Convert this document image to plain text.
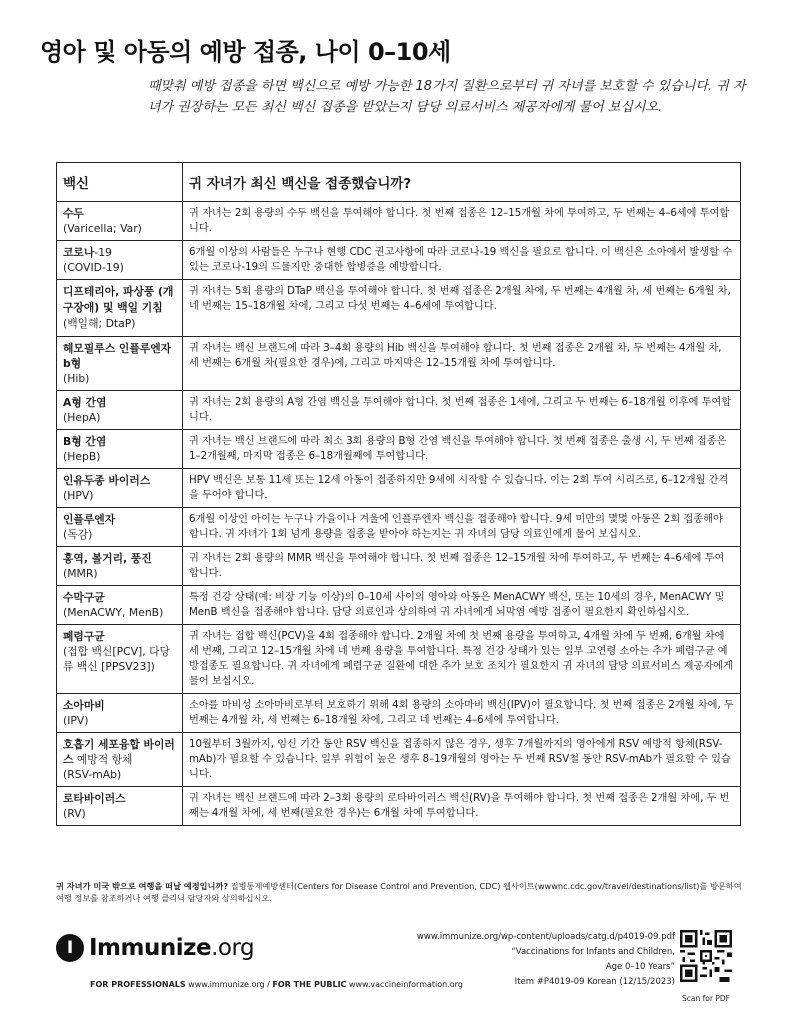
영아 및 아동의 예방 접종, 나이 0–10세
때맞춰 예방 접종을 하면 백신으로 예방 가능한 18가지 질환으로부터 귀 자녀를 보호할 수 있습니다. 귀 자녀가 권장하는 모든 최신 백신 접종을 받았는지 담당 의료서비스 제공자에게 물어 보십시오.
백신	귀 자녀가 최신 백신을 접종했습니까?

수두
(Varicella; Var)	귀 자녀는 2회 용량의 수두 백신을 투여해야 합니다. 첫 번째 접종은 12–15개월 차에 투여하고, 두 번째는 4–6세에 투여합니다.

코로나-19
(COVID-19)	6개월 이상의 사람들은 누구나 현행 CDC 권고사항에 따라 코로나-19 백신을 필요로 합니다. 이 백신은 소아에서 발생할 수 있는 코로나-19의 드물지만 중대한 합병증을 예방합니다.
디프테리아, 파상풍 (개구장애) 및 백일 기침(백일해; DtaP)	귀 자녀는 5회 용량의 DTaP 백신을 투여해야 합니다. 첫 번째 접종은 2개월 차에, 두 번째는 4개월 차, 세 번째는 6개월 차, 네 번째는 15–18개월 차에, 그리고 다섯 번째는 4–6세에 투여합니다.

헤모필루스 인플루엔자 b형
(Hib)	귀 자녀는 백신 브랜드에 따라 3–4회 용량의 Hib 백신을 투여해야 합니다. 첫 번째 접종은 2개월 차, 두 번째는 4개월 차, 세 번째는 6개월 차(필요한 경우)에, 그리고 마지막은 12–15개월 차에 투여합니다.

A형 간염
(HepA)	귀 자녀는 2회 용량의 A형 간염 백신을 투여해야 합니다. 첫 번째 접종은 1세에, 그리고 두 번째는 6–18개월 이후에 투여합니다.

B형 간염
(HepB)	귀 자녀는 백신 브랜드에 따라 최소 3회 용량의 B형 간염 백신을 투여해야 합니다. 첫 번째 접종은 출생 시, 두 번째 접종은 1–2개월째, 마지막 접종은 6–18개월째에 투여합니다.

인유두종 바이러스
(HPV)	HPV 백신은 보통 11세 또는 12세 아동이 접종하지만 9세에 시작할 수 있습니다. 이는 2회 투여 시리즈로, 6–12개월 간격을 두어야 합니다.

인플루엔자
(독감)	6개월 이상인 아이는 누구나 가을이나 겨울에 인플루엔자 백신을 접종해야 합니다. 9세 미만의 몇몇 아동은 2회 접종해야 합니다. 귀 자녀가 1회 넘게 용량을 접종을 받아야 하는지는 귀 자녀의 담당 의료인에게 물어 보십시오.

홍역, 볼거리, 풍진
(MMR)	귀 자녀는 2회 용량의 MMR 백신을 투여해야 합니다. 첫 번째 접종은 12–15개월 차에 투여하고, 두 번째는 4–6세에 투여합니다.

수막구균
(MenACWY, MenB)	특정 건강 상태(예: 비장 기능 이상)의 0–10세 사이의 영아와 아동은 MenACWY 백신, 또는 10세의 경우, MenACWY 및 MenB 백신을 접종해야 합니다. 담당 의료인과 상의하여 귀 자녀에게 뇌막염 예방 접종이 필요한지 확인하십시오.

폐렴구균
(접합 백신[PCV], 다당류 백신 [PPSV23])	귀 자녀는 접합 백신(PCV)을 4회 접종해야 합니다. 2개월 차에 첫 번째 용량을 투여하고, 4개월 차에 두 번째, 6개월 차에 세 번째, 그리고 12–15개월 차에 네 번째 용량을 투여합니다. 특정 건강 상태가 있는 일부 고연령 소아는 추가 폐렴구균 예방접종도 필요합니다. 귀 자녀에게 폐렴구균 질환에 대한 추가 보호 조치가 필요한지 귀 자녀의 담당 의료서비스 제공자에게 물어 보십시오.

소아마비
(IPV)	소아를 마비성 소아마비로부터 보호하기 위해 4회 용량의 소아마비 백신(IPV)이 필요합니다. 첫 번째 접종은 2개월 차에, 두 번째는 4개월 차, 세 번째는 6–18개월 차에, 그리고 네 번째는 4–6세에 투여합니다.

호흡기 세포융합 바이러스 예방적 항체
(RSV-mAb)	10월부터 3월까지, 임신 기간 동안 RSV 백신을 접종하지 않은 경우, 생후 7개월까지의 영아에게 RSV 예방적 항체(RSV-mAb)가 필요할 수 있습니다. 일부 위험이 높은 생후 8–19개월의 영아는 두 번째 RSV철 동안 RSV-mAb가 필요할 수 있습니다.

로타바이러스
(RV)	귀 자녀는 백신 브랜드에 따라 2–3회 용량의 로타바이러스 백신(RV)을 투여해야 합니다. 첫 번째 접종은 2개월 차에, 두 번째는 4개월 차에, 세 번째(필요한 경우)는 6개월 차에 투여합니다.
귀 자녀가 미국 밖으로 여행을 떠날 예정입니까? 질병통제예방센터(Centers for Disease Control and Prevention, CDC) 웹사이트(wwwnc.cdc.gov/travel/destinations/list)를 방문하여 여행 정보를 참조하거나 여행 클리닉 담당자와 상의하십시오.
I Immunize.org
FOR PROFESSIONALS www.immunize.org / FOR THE PUBLIC www.vaccineinformation.org
www.immunize.org/wp-content/uploads/catg.d/p4019-09.pdf
“Vaccinations for Infants and Children,
Age 0–10 Years”
Item #P4019-09 Korean (12/15/2023)
Scan for PDF
